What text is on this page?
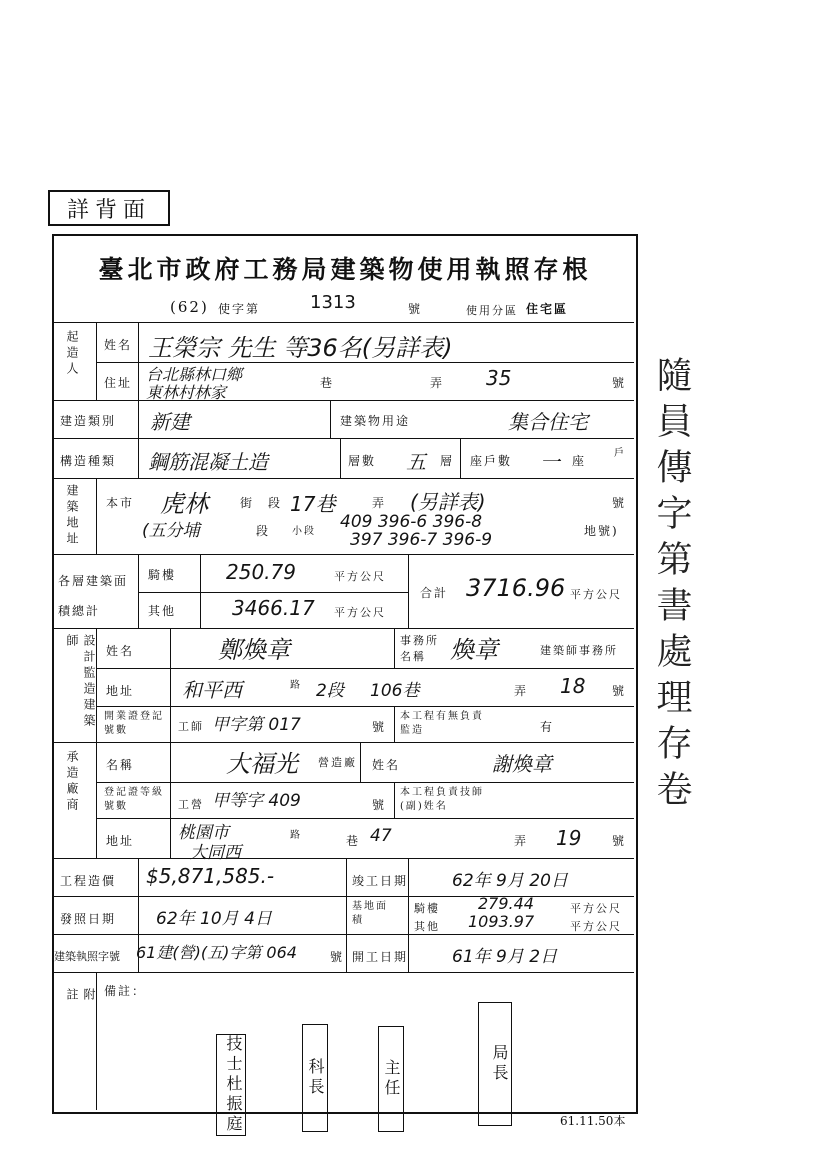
詳背面
臺北市政府工務局建築物使用執照存根
(62) 使字第	1313	號	使用分區 住宅區
起造人 姓名 王榮宗 先生 等36名(另詳表)
住址 台北縣林口鄉
東林村林家	巷	弄 35	號
建造類別 新建	建築物用途	集合住宅
構造種類 鋼筋混凝土造	層數 五 層 座戶數 一 座
戶
建築地址 本市 虎林	街 段 17巷	弄 (另詳表)	號
(五分埔	段 小段 409 396-6 396-8
397 396-7 396-9	地號)
各層建築面積總計
騎樓 250.79	平方公尺
其他	3466.17 平方公尺
合計 3716.96 平方公尺
設計監造建築師
姓名	鄭煥章	事務所名稱	煥章	建築師事務所
地址 和平西	路 2段 106巷	弄 18 號
開業證登記號數	工師 甲字第 017	號
本工程有無負責監造	有
承造廠商 名稱	大福光 營造廠 姓名	謝煥章
登記證等級號數	工營 甲等字 409	號
本工程負責技師(副)姓名
地址	桃園市
大同西
路	巷 47	弄 19	號
工程造價 $5,871,585.-	竣工日期	62年 9月 20日
發照日期 62年 10月 4日
基地面積
騎樓 279.44	平方公尺
其他 1093.97	平方公尺
建築執照字號 61建(營)(五)字第 064	號 開工日期	61年 9月 2日
附註	備註：
技士杜振庭	科長	主任	局長
61.11.50本
隨員傳字第書處理存卷
